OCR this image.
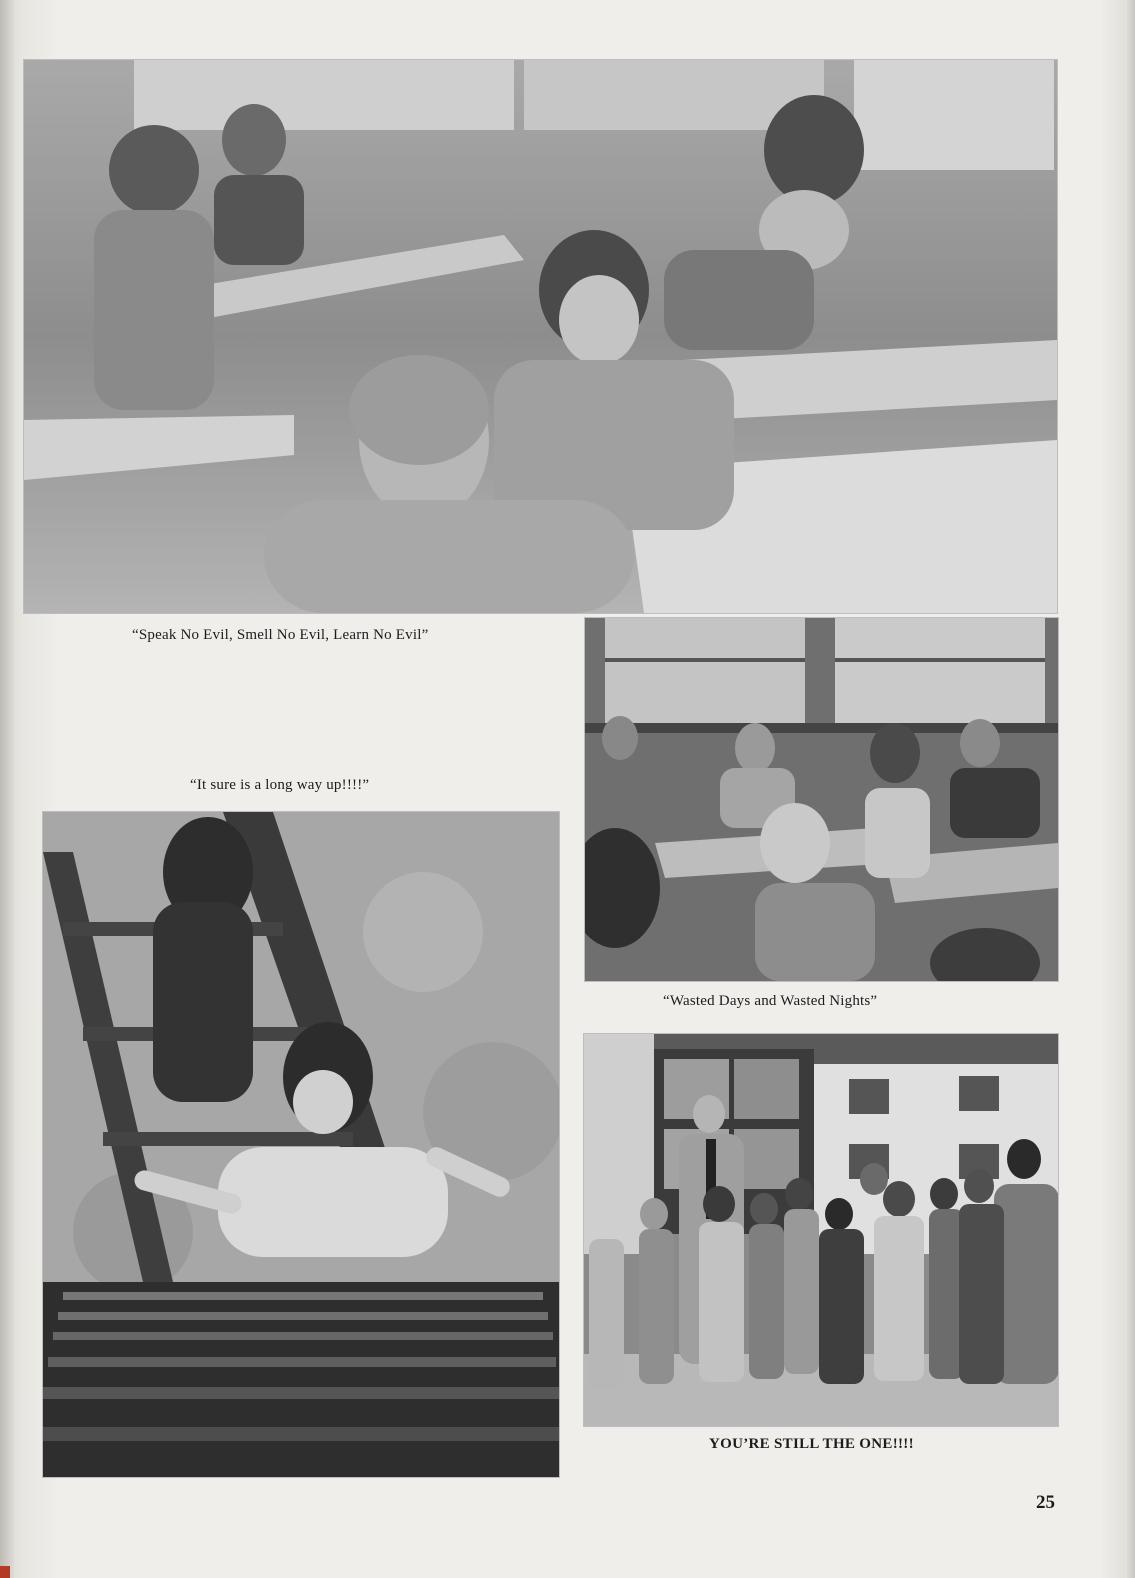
“Speak No Evil, Smell No Evil, Learn No Evil”
“It sure is a long way up!!!!”
“Wasted Days and Wasted Nights”
YOU’RE STILL THE ONE!!!!
25
